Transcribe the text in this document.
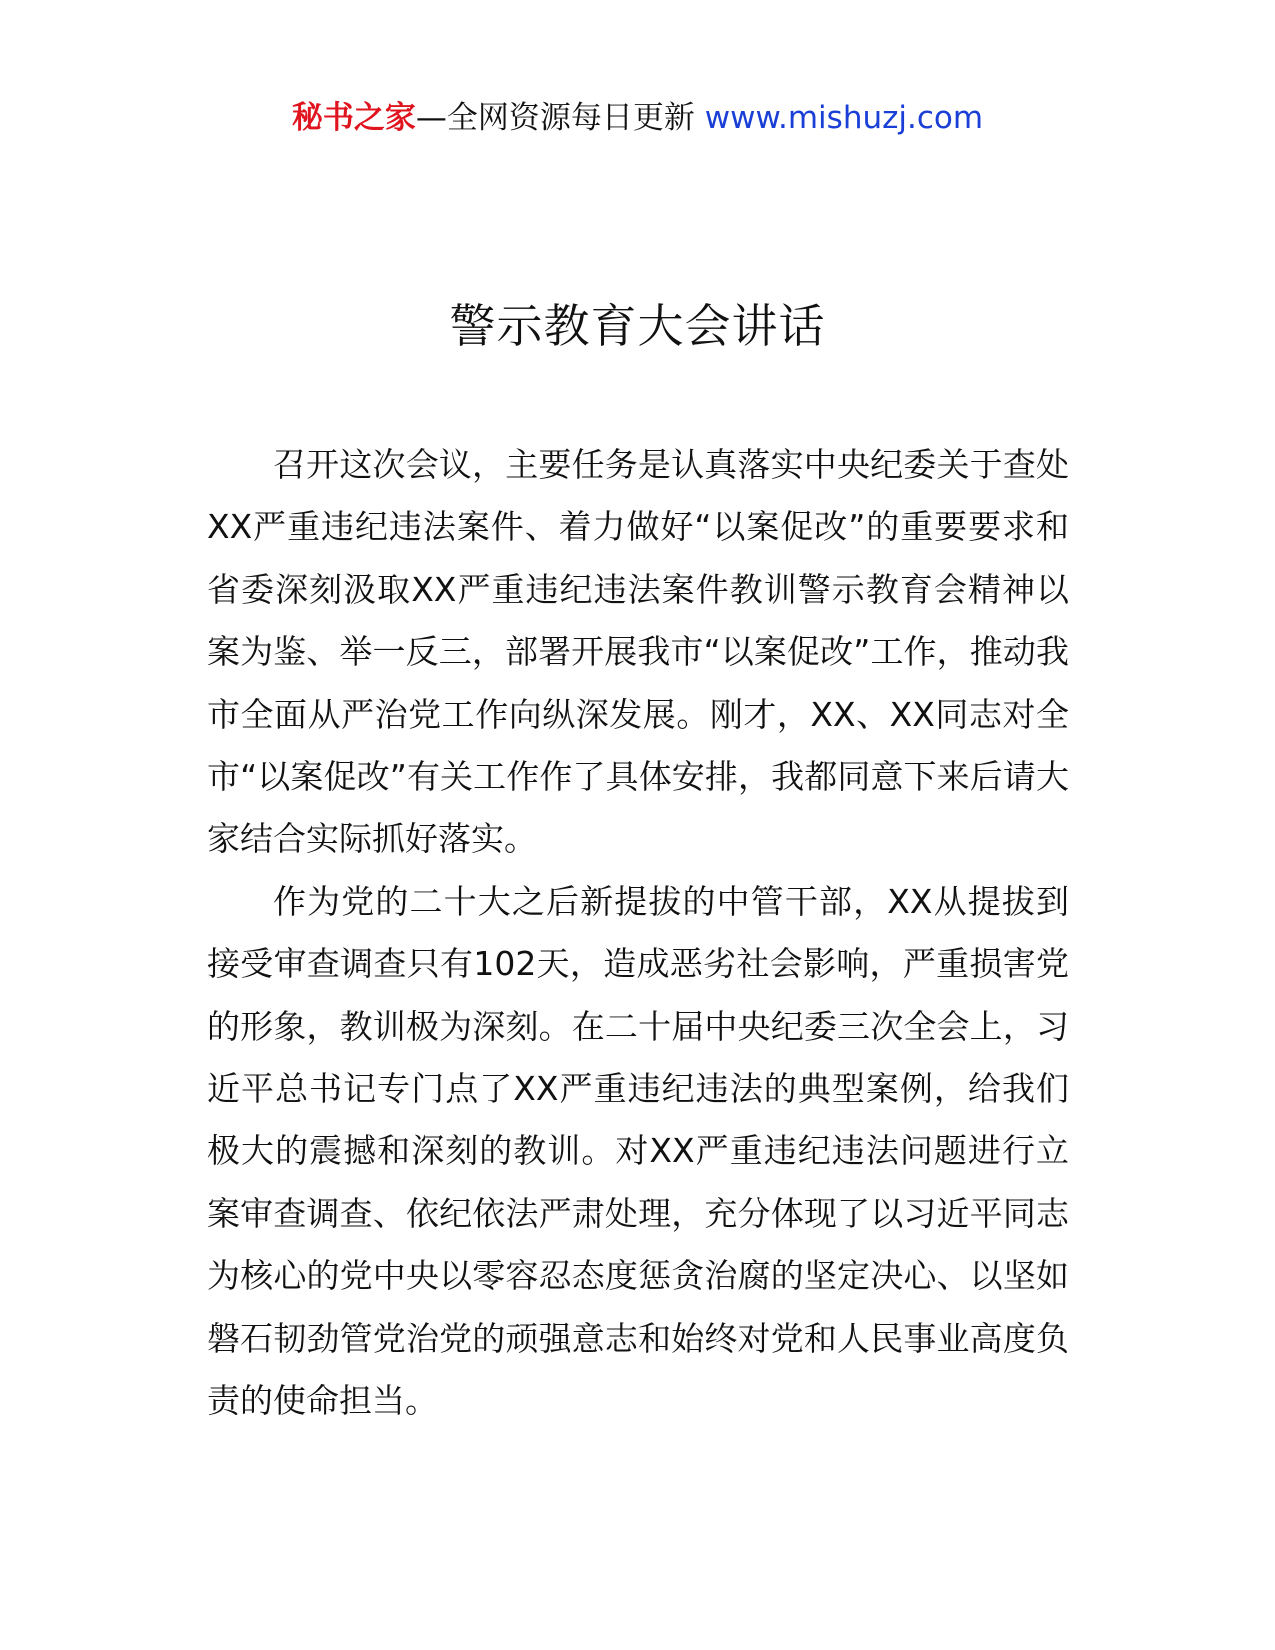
秘书之家—全网资源每日更新 www.mishuzj.com
警示教育大会讲话

召开这次会议，主要任务是认真落实中央纪委关于查处XX严重违纪违法案件、着力做好“以案促改”的重要要求和省委深刻汲取XX严重违纪违法案件教训警示教育会精神以案为鉴、举一反三，部署开展我市“以案促改”工作，推动我市全面从严治党工作向纵深发展。刚才，XX、XX同志对全市“以案促改”有关工作作了具体安排，我都同意下来后请大家结合实际抓好落实。

作为党的二十大之后新提拔的中管干部，XX从提拔到接受审查调查只有102天，造成恶劣社会影响，严重损害党的形象，教训极为深刻。在二十届中央纪委三次全会上，习近平总书记专门点了XX严重违纪违法的典型案例，给我们极大的震撼和深刻的教训。对XX严重违纪违法问题进行立案审查调查、依纪依法严肃处理，充分体现了以习近平同志为核心的党中央以零容忍态度惩贪治腐的坚定决心、以坚如磐石韧劲管党治党的顽强意志和始终对党和人民事业高度负责的使命担当。
